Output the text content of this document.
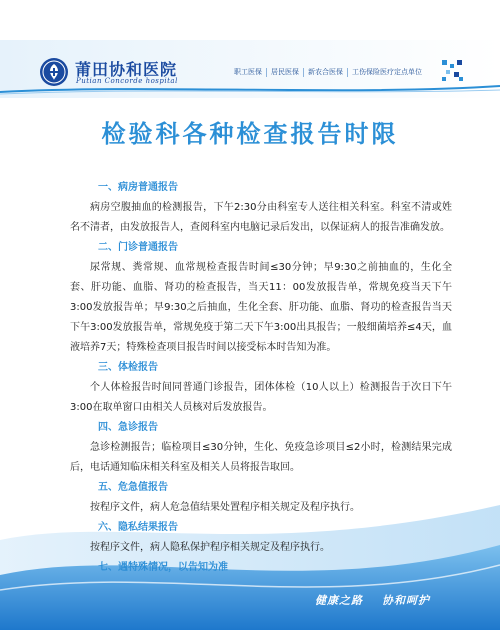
莆田协和医院
Putian Concorde hospital
职工医保	居民医保	新农合医保	工伤保险医疗定点单位
检验科各种检查报告时限
一、病房普通报告

病房空腹抽血的检测报告，下午2:30分由科室专人送往相关科室。科室不清或姓名不清者，由发放报告人，查阅科室内电脑记录后发出，以保证病人的报告准确发放。

二、门诊普通报告

尿常规、粪常规、血常规检查报告时间≤30分钟；早9:30之前抽血的，生化全套、肝功能、血脂、肾功的检查报告，当天11：00发放报告单，常规免疫当天下午3:00发放报告单；早9:30之后抽血，生化全套、肝功能、血脂、肾功的检查报告当天下午3:00发放报告单，常规免疫于第二天下午3:00出具报告；一般细菌培养≤4天，血液培养7天；特殊检查项目报告时间以接受标本时告知为准。

三、体检报告

个人体检报告时间同普通门诊报告，团体体检（10人以上）检测报告于次日下午3:00在取单窗口由相关人员核对后发放报告。

四、急诊报告

急诊检测报告；临检项目≤30分钟，生化、免疫急诊项目≤2小时，检测结果完成后，电话通知临床相关科室及相关人员将报告取回。

五、危急值报告

按程序文件，病人危急值结果处置程序相关规定及程序执行。

六、隐私结果报告

按程序文件，病人隐私保护程序相关规定及程序执行。

七、遇特殊情况，以告知为准
健康之路 协和呵护
